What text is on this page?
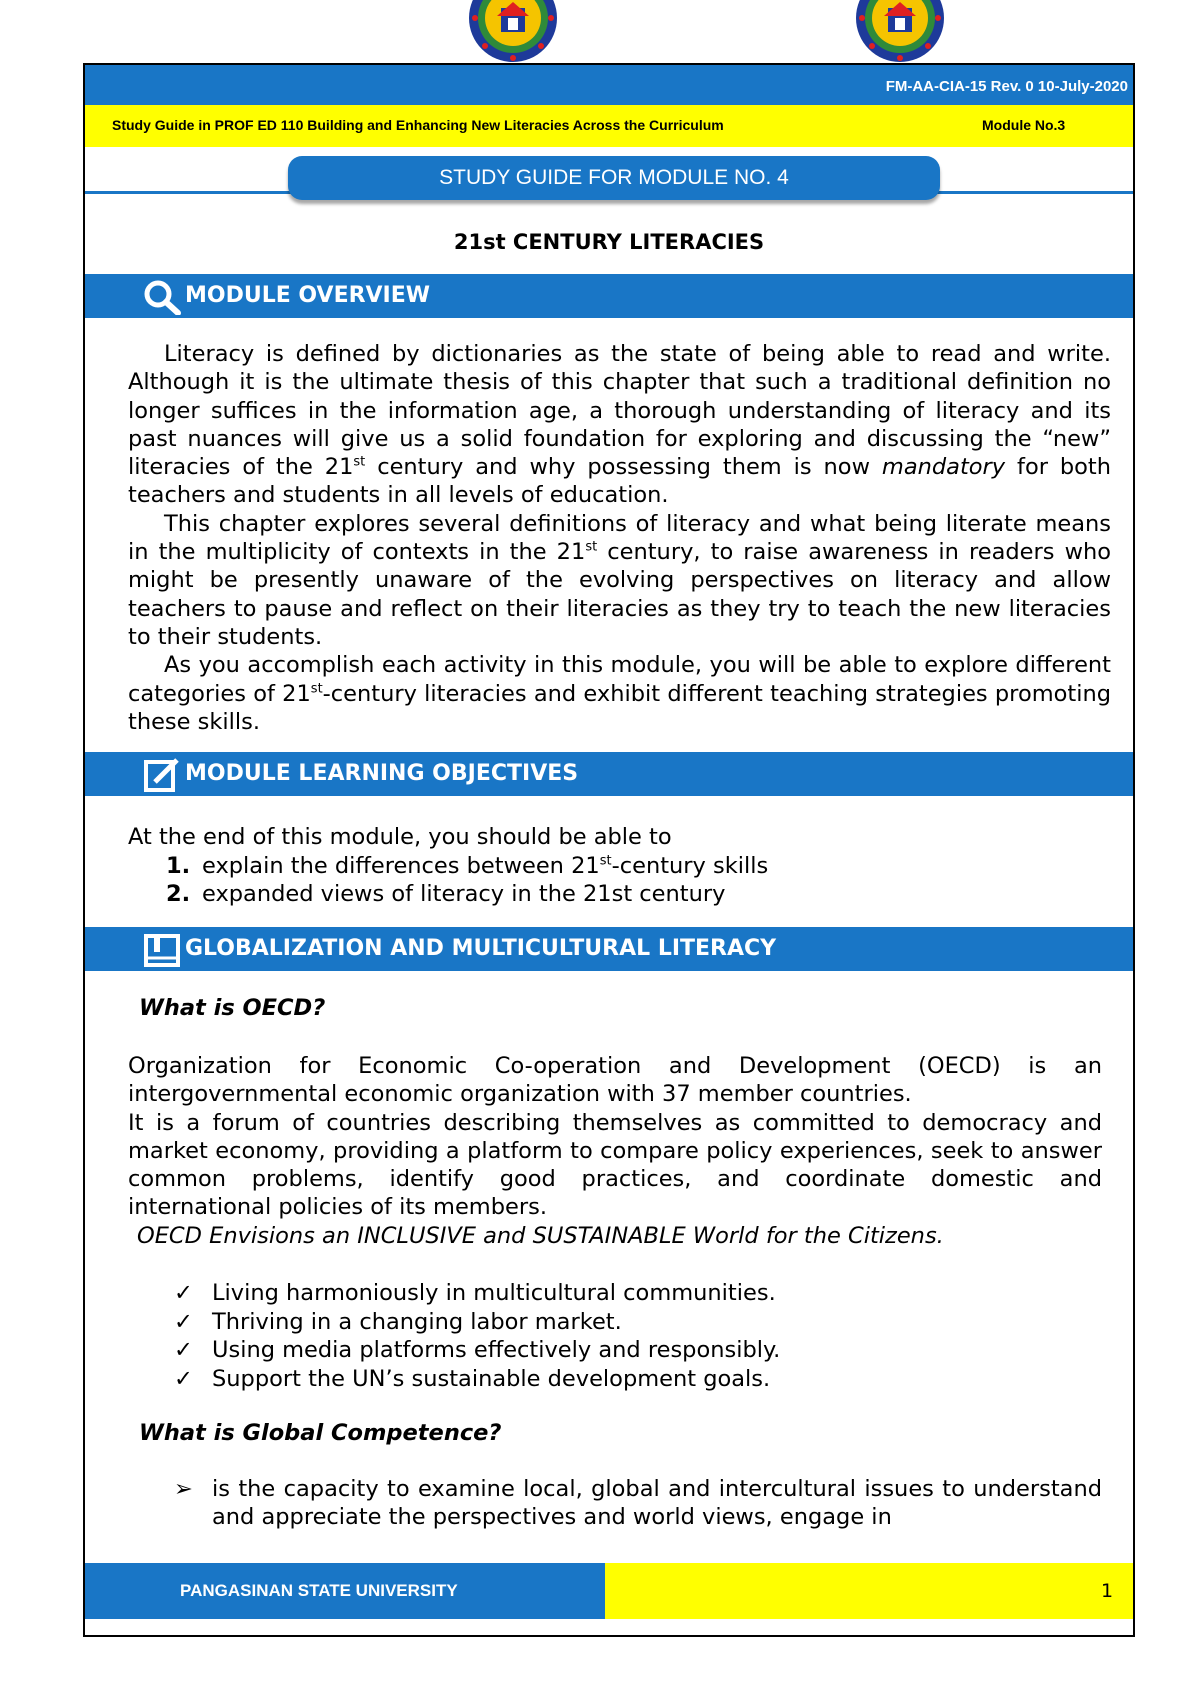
FM-AA-CIA-15 Rev. 0 10-July-2020
Study Guide in PROF ED 110 Building and Enhancing New Literacies Across the Curriculum	Module No.3
STUDY GUIDE FOR MODULE NO. 4
21st CENTURY LITERACIES
MODULE OVERVIEW

Literacy is defined by dictionaries as the state of being able to read and write. Although it is the ultimate thesis of this chapter that such a traditional definition no longer suffices in the information age, a thorough understanding of literacy and its past nuances will give us a solid foundation for exploring and discussing the “new” literacies of the 21st century and why possessing them is now mandatory for both teachers and students in all levels of education.

This chapter explores several definitions of literacy and what being literate means in the multiplicity of contexts in the 21st century, to raise awareness in readers who might be presently unaware of the evolving perspectives on literacy and allow teachers to pause and reflect on their literacies as they try to teach the new literacies to their students.

As you accomplish each activity in this module, you will be able to explore different categories of 21st-century literacies and exhibit different teaching strategies promoting these skills.

MODULE LEARNING OBJECTIVES
At the end of this module, you should be able to
1. explain the differences between 21st-century skills
2. expanded views of literacy in the 21st century
GLOBALIZATION AND MULTICULTURAL LITERACY
What is OECD?

Organization for Economic Co-operation and Development (OECD) is an intergovernmental economic organization with 37 member countries.

It is a forum of countries describing themselves as committed to democracy and market economy, providing a platform to compare policy experiences, seek to answer common problems, identify good practices, and coordinate domestic and international policies of its members.

OECD Envisions an INCLUSIVE and SUSTAINABLE World for the Citizens.

✓ Living harmoniously in multicultural communities.
✓ Thriving in a changing labor market.
✓ Using media platforms effectively and responsibly.
✓ Support the UN’s sustainable development goals.
What is Global Competence?
➢ is the capacity to examine local, global and intercultural issues to understand and appreciate the perspectives and world views, engage in
PANGASINAN STATE UNIVERSITY	1
